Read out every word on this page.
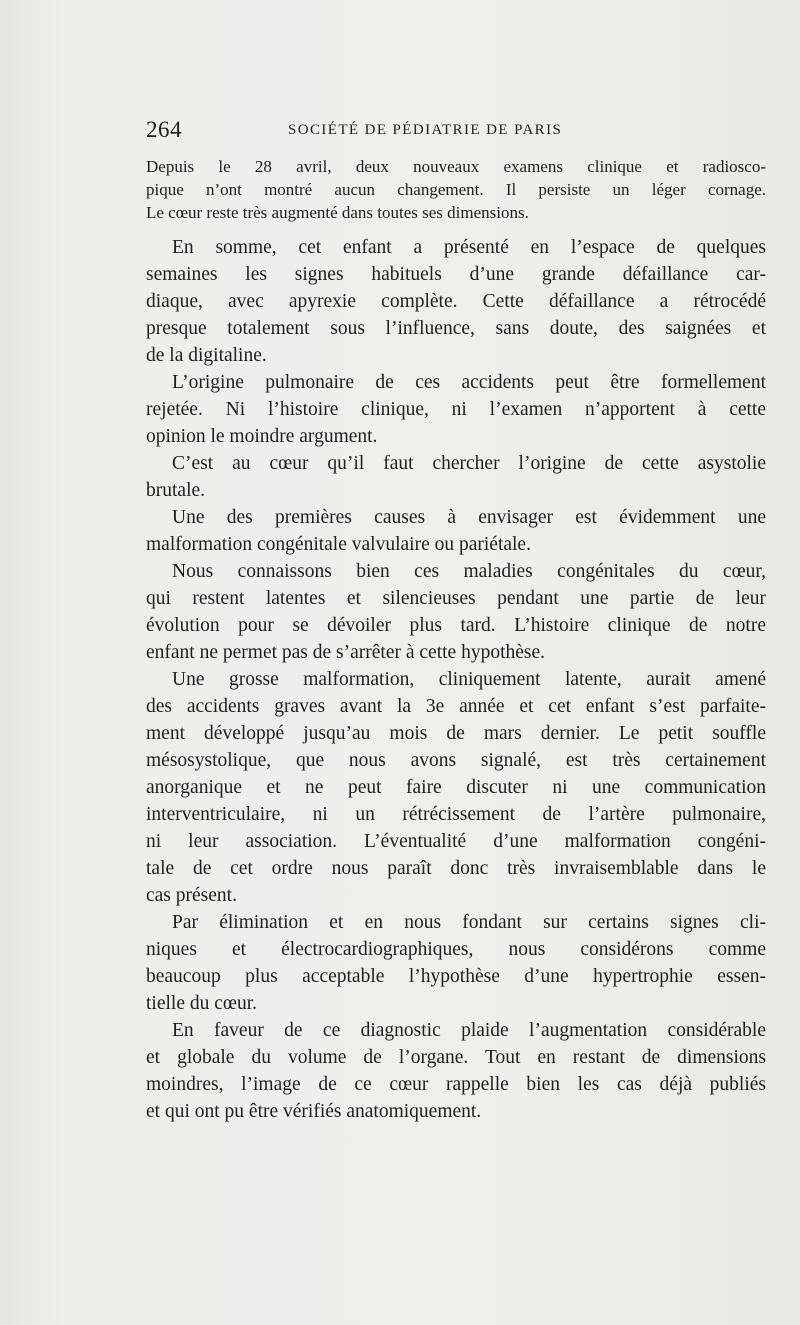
264	SOCIÉTÉ DE PÉDIATRIE DE PARIS
Depuis le 28 avril, deux nouveaux examens clinique et radiosco-
pique n’ont montré aucun changement. Il persiste un léger cornage.
Le cœur reste très augmenté dans toutes ses dimensions.
En somme, cet enfant a présenté en l’espace de quelques
semaines les signes habituels d’une grande défaillance car-
diaque, avec apyrexie complète. Cette défaillance a rétrocédé
presque totalement sous l’influence, sans doute, des saignées et
de la digitaline.
L’origine pulmonaire de ces accidents peut être formellement
rejetée. Ni l’histoire clinique, ni l’examen n’apportent à cette
opinion le moindre argument.
C’est au cœur qu’il faut chercher l’origine de cette asystolie
brutale.
Une des premières causes à envisager est évidemment une
malformation congénitale valvulaire ou pariétale.
Nous connaissons bien ces maladies congénitales du cœur,
qui restent latentes et silencieuses pendant une partie de leur
évolution pour se dévoiler plus tard. L’histoire clinique de notre
enfant ne permet pas de s’arrêter à cette hypothèse.
Une grosse malformation, cliniquement latente, aurait amené
des accidents graves avant la 3e année et cet enfant s’est parfaite-
ment développé jusqu’au mois de mars dernier. Le petit souffle
mésosystolique, que nous avons signalé, est très certainement
anorganique et ne peut faire discuter ni une communication
interventriculaire, ni un rétrécissement de l’artère pulmonaire,
ni leur association. L’éventualité d’une malformation congéni-
tale de cet ordre nous paraît donc très invraisemblable dans le
cas présent.
Par élimination et en nous fondant sur certains signes cli-
niques et électrocardiographiques, nous considérons comme
beaucoup plus acceptable l’hypothèse d’une hypertrophie essen-
tielle du cœur.
En faveur de ce diagnostic plaide l’augmentation considérable
et globale du volume de l’organe. Tout en restant de dimensions
moindres, l’image de ce cœur rappelle bien les cas déjà publiés
et qui ont pu être vérifiés anatomiquement.
